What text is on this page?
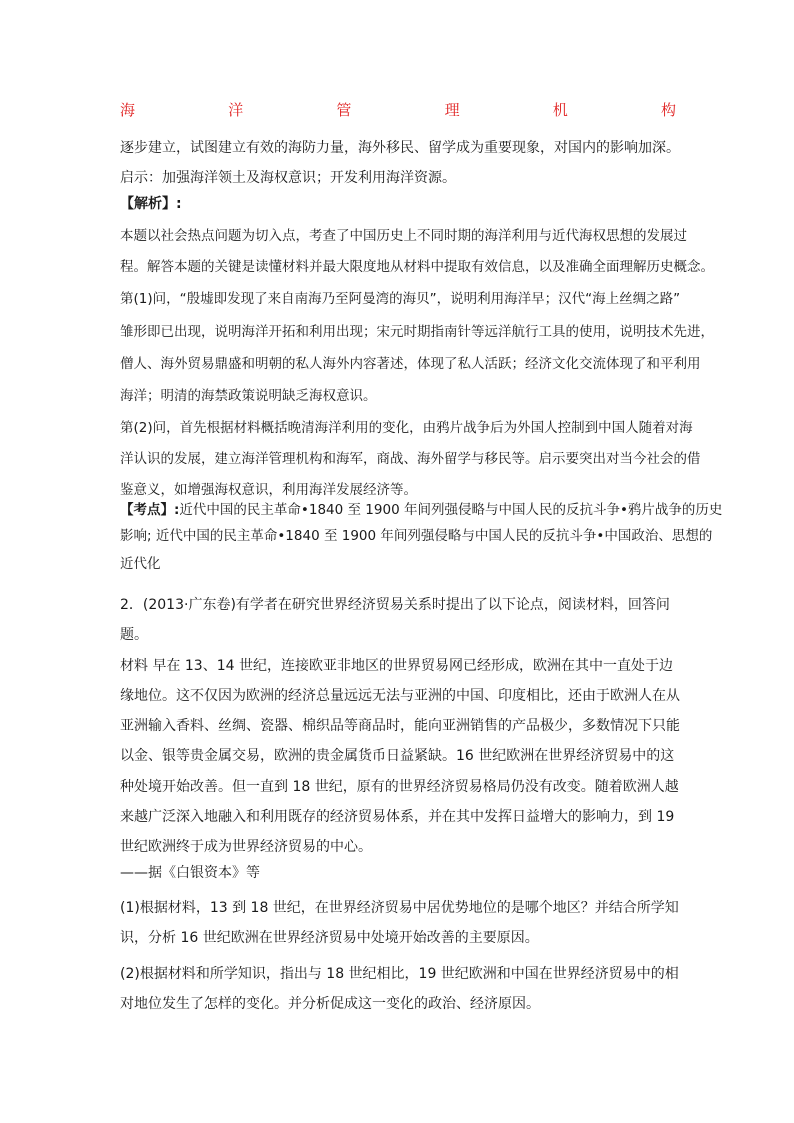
海	洋	管	理	机	构
逐步建立，试图建立有效的海防力量，海外移民、留学成为重要现象，对国内的影响加深。
启示：加强海洋领土及海权意识；开发利用海洋资源。
【解析】:
本题以社会热点问题为切入点，考查了中国历史上不同时期的海洋利用与近代海权思想的发展过
程。解答本题的关键是读懂材料并最大限度地从材料中提取有效信息，以及准确全面理解历史概念。
第(1)问，“殷墟即发现了来自南海乃至阿曼湾的海贝”，说明利用海洋早；汉代“海上丝绸之路”
雏形即已出现，说明海洋开拓和利用出现；宋元时期指南针等远洋航行工具的使用，说明技术先进，
僧人、海外贸易鼎盛和明朝的私人海外内容著述，体现了私人活跃；经济文化交流体现了和平利用
海洋；明清的海禁政策说明缺乏海权意识。
第(2)问，首先根据材料概括晚清海洋利用的变化，由鸦片战争后为外国人控制到中国人随着对海
洋认识的发展，建立海洋管理机构和海军，商战、海外留学与移民等。启示要突出对当今社会的借
鉴意义，如增强海权意识，利用海洋发展经济等。
【考点】:近代中国的民主革命•1840 至 1900 年间列强侵略与中国人民的反抗斗争•鸦片战争的历史
影响; 近代中国的民主革命•1840 至 1900 年间列强侵略与中国人民的反抗斗争•中国政治、思想的
近代化
2．(2013·广东卷)有学者在研究世界经济贸易关系时提出了以下论点，阅读材料，回答问
题。
材料 早在 13、14 世纪，连接欧亚非地区的世界贸易网已经形成，欧洲在其中一直处于边
缘地位。这不仅因为欧洲的经济总量远远无法与亚洲的中国、印度相比，还由于欧洲人在从
亚洲输入香料、丝绸、瓷器、棉织品等商品时，能向亚洲销售的产品极少，多数情况下只能
以金、银等贵金属交易，欧洲的贵金属货币日益紧缺。16 世纪欧洲在世界经济贸易中的这
种处境开始改善。但一直到 18 世纪，原有的世界经济贸易格局仍没有改变。随着欧洲人越
来越广泛深入地融入和利用既存的经济贸易体系，并在其中发挥日益增大的影响力，到 19
世纪欧洲终于成为世界经济贸易的中心。
——据《白银资本》等
(1)根据材料，13 到 18 世纪，在世界经济贸易中居优势地位的是哪个地区？并结合所学知
识，分析 16 世纪欧洲在世界经济贸易中处境开始改善的主要原因。
(2)根据材料和所学知识，指出与 18 世纪相比，19 世纪欧洲和中国在世界经济贸易中的相
对地位发生了怎样的变化。并分析促成这一变化的政治、经济原因。
